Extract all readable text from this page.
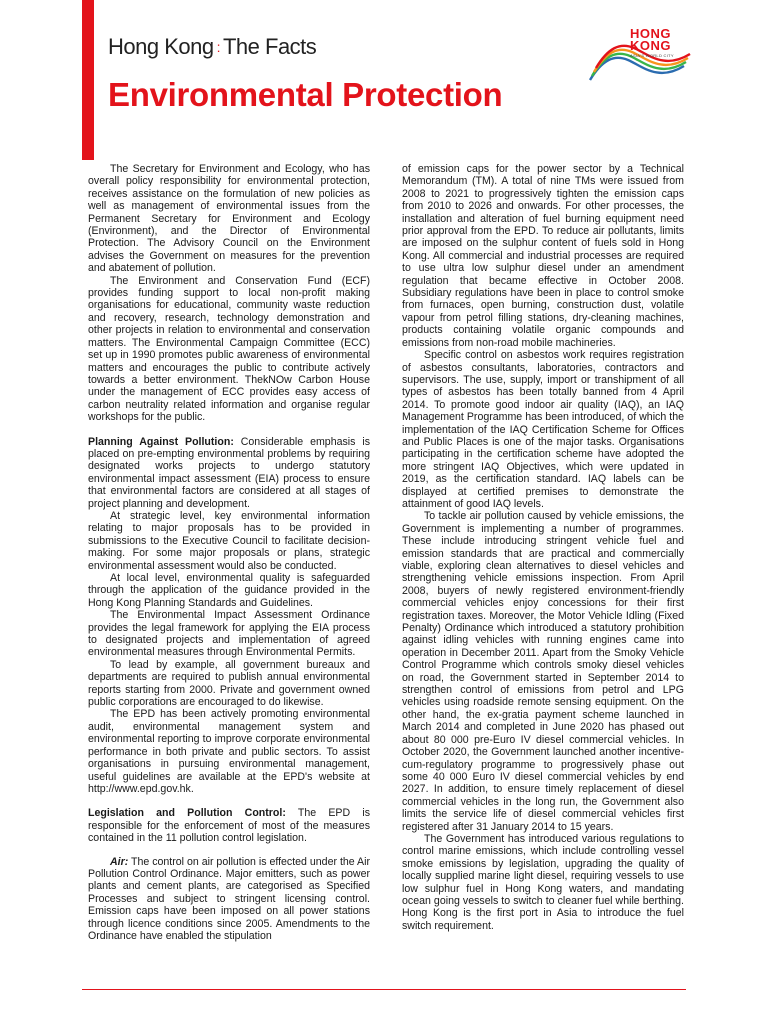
Hong Kong : The Facts
Environmental Protection
HONG
KONG
ASIA'S WORLD CITY

The Secretary for Environment and Ecology, who has overall policy responsibility for environmental protection, receives assistance on the formulation of new policies as well as management of environmental issues from the Permanent Secretary for Environment and Ecology (Environment), and the Director of Environmental Protection. The Advisory Council on the Environment advises the Government on measures for the prevention and abatement of pollution.

The Environment and Conservation Fund (ECF) provides funding support to local non-profit making organisations for educational, community waste reduction and recovery, research, technology demonstration and other projects in relation to environmental and conservation matters. The Environmental Campaign Committee (ECC) set up in 1990 promotes public awareness of environmental matters and encourages the public to contribute actively towards a better environment. ThekNOw Carbon House under the management of ECC provides easy access of carbon neutrality related information and organise regular workshops for the public.

Planning Against Pollution: Considerable emphasis is placed on pre-empting environmental problems by requiring designated works projects to undergo statutory environmental impact assessment (EIA) process to ensure that environmental factors are considered at all stages of project planning and development.

At strategic level, key environmental information relating to major proposals has to be provided in submissions to the Executive Council to facilitate decision-making. For some major proposals or plans, strategic environmental assessment would also be conducted.

At local level, environmental quality is safeguarded through the application of the guidance provided in the Hong Kong Planning Standards and Guidelines.

The Environmental Impact Assessment Ordinance provides the legal framework for applying the EIA process to designated projects and implementation of agreed environmental measures through Environmental Permits.

To lead by example, all government bureaux and departments are required to publish annual environmental reports starting from 2000. Private and government owned public corporations are encouraged to do likewise.

The EPD has been actively promoting environmental audit, environmental management system and environmental reporting to improve corporate environmental performance in both private and public sectors. To assist organisations in pursuing environmental management, useful guidelines are available at the EPD's website at http://www.epd.gov.hk.

Legislation and Pollution Control: The EPD is responsible for the enforcement of most of the measures contained in the 11 pollution control legislation.

Air: The control on air pollution is effected under the Air Pollution Control Ordinance. Major emitters, such as power plants and cement plants, are categorised as Specified Processes and subject to stringent licensing control. Emission caps have been imposed on all power stations through licence conditions since 2005. Amendments to the Ordinance have enabled the stipulation

of emission caps for the power sector by a Technical Memorandum (TM). A total of nine TMs were issued from 2008 to 2021 to progressively tighten the emission caps from 2010 to 2026 and onwards. For other processes, the installation and alteration of fuel burning equipment need prior approval from the EPD. To reduce air pollutants, limits are imposed on the sulphur content of fuels sold in Hong Kong. All commercial and industrial processes are required to use ultra low sulphur diesel under an amendment regulation that became effective in October 2008. Subsidiary regulations have been in place to control smoke from furnaces, open burning, construction dust, volatile vapour from petrol filling stations, dry-cleaning machines, products containing volatile organic compounds and emissions from non-road mobile machineries.

Specific control on asbestos work requires registration of asbestos consultants, laboratories, contractors and supervisors. The use, supply, import or transhipment of all types of asbestos has been totally banned from 4 April 2014. To promote good indoor air quality (IAQ), an IAQ Management Programme has been introduced, of which the implementation of the IAQ Certification Scheme for Offices and Public Places is one of the major tasks. Organisations participating in the certification scheme have adopted the more stringent IAQ Objectives, which were updated in 2019, as the certification standard. IAQ labels can be displayed at certified premises to demonstrate the attainment of good IAQ levels.

To tackle air pollution caused by vehicle emissions, the Government is implementing a number of programmes. These include introducing stringent vehicle fuel and emission standards that are practical and commercially viable, exploring clean alternatives to diesel vehicles and strengthening vehicle emissions inspection. From April 2008, buyers of newly registered environment-friendly commercial vehicles enjoy concessions for their first registration taxes. Moreover, the Motor Vehicle Idling (Fixed Penalty) Ordinance which introduced a statutory prohibition against idling vehicles with running engines came into operation in December 2011. Apart from the Smoky Vehicle Control Programme which controls smoky diesel vehicles on road, the Government started in September 2014 to strengthen control of emissions from petrol and LPG vehicles using roadside remote sensing equipment. On the other hand, the ex-gratia payment scheme launched in March 2014 and completed in June 2020 has phased out about 80 000 pre-Euro IV diesel commercial vehicles. In October 2020, the Government launched another incentive-cum-regulatory programme to progressively phase out some 40 000 Euro IV diesel commercial vehicles by end 2027. In addition, to ensure timely replacement of diesel commercial vehicles in the long run, the Government also limits the service life of diesel commercial vehicles first registered after 31 January 2014 to 15 years.

The Government has introduced various regulations to control marine emissions, which include controlling vessel smoke emissions by legislation, upgrading the quality of locally supplied marine light diesel, requiring vessels to use low sulphur fuel in Hong Kong waters, and mandating ocean going vessels to switch to cleaner fuel while berthing. Hong Kong is the first port in Asia to introduce the fuel switch requirement.
